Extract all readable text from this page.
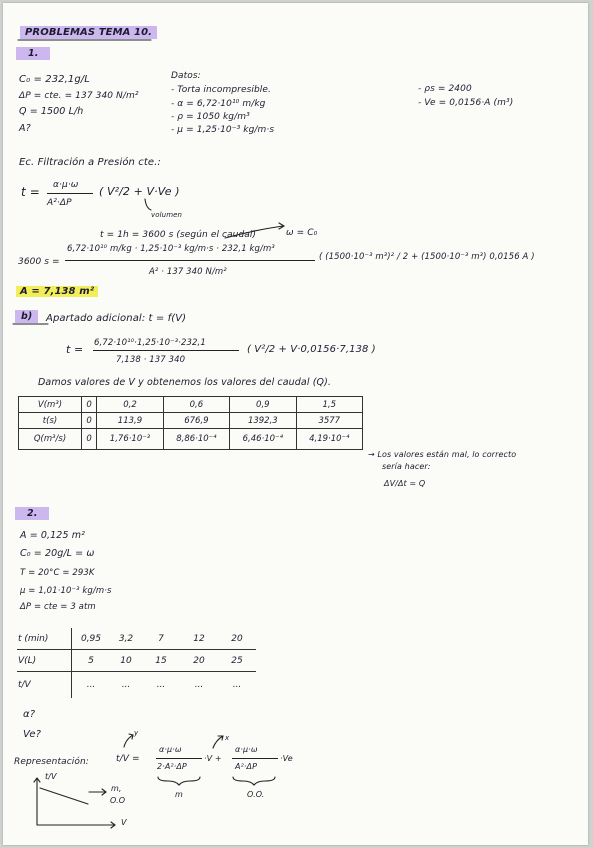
PROBLEMAS TEMA 10.
1.
C₀ = 232,1g/L
ΔP = cte. = 137 340 N/m²
Q = 1500 L/h
A?
Datos:
- Torta incompresible.
- α = 6,72·10¹⁰ m/kg
- ρ = 1050 kg/m³
- μ = 1,25·10⁻³ kg/m·s
- ρs = 2400
- Ve = 0,0156·A (m³)
Ec. Filtración a Presión cte.:
t = α·μ·ω
A²·ΔP
( V²/2 + V·Ve )
volumen
t = 1h = 3600 s (según el caudal)	ω = C₀
3600 s =
6,72·10¹⁰ m/kg · 1,25·10⁻³ kg/m·s · 232,1 kg/m³
A² · 137 340 N/m²
( (1500·10⁻³ m³)² / 2 + (1500·10⁻³ m³) 0,0156 A )
A = 7,138 m²
b)	Apartado adicional: t = f(V)
t = 6,72·10¹⁰·1,25·10⁻³·232,1
7,138 · 137 340
( V²/2 + V·0,0156·7,138 )
Damos valores de V y obtenemos los valores del caudal (Q).
V(m³)	0	0,2	0,6	0,9	1,5
t(s)	0	113,9	676,9	1392,3	3577
Q(m³/s)	0	1,76·10⁻³	8,86·10⁻⁴	6,46·10⁻⁴	4,19·10⁻⁴
→ Los valores están mal, lo correcto
sería hacer:
ΔV/Δt = Q
2.
A = 0,125 m²
C₀ = 20g/L = ω
T = 20°C = 293K
μ = 1,01·10⁻³ kg/m·s
ΔP = cte = 3 atm
t (min)	0,95	3,2	7	12	20
V(L)	5	10	15	20	25
t/V	...	...	...	...	...
α?
Ve?
Representación:	t/V =
y
α·μ·ω
2·A²·ΔP
·V +
x
α·μ·ω
A²·ΔP
·Ve
m	O.O.
t/V
m,
O.O
V
